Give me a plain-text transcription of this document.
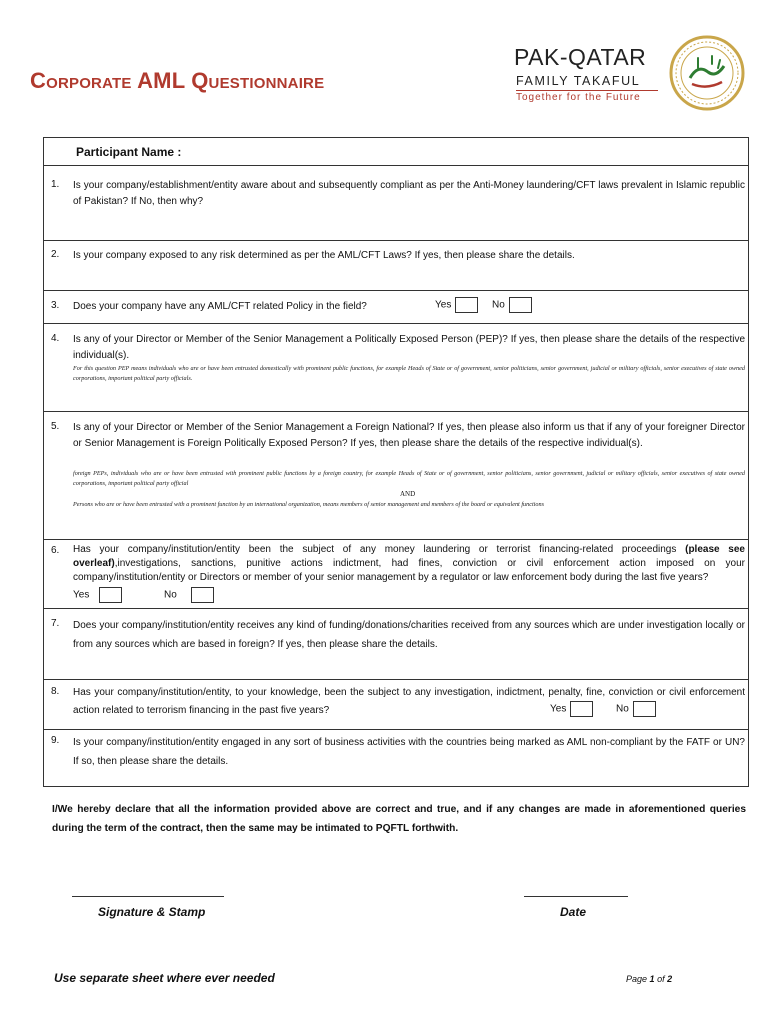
Corporate AML Questionnaire
PAK-QATAR
FAMILY TAKAFUL
Together for the Future
Participant Name :
1. Is your company/establishment/entity aware about and subsequently compliant as per the Anti-Money laundering/CFT laws prevalent in Islamic republic of Pakistan? If No, then why?
2. Is your company exposed to any risk determined as per the AML/CFT Laws? If yes, then please share the details.
3. Does your company have any AML/CFT related Policy in the field?	Yes	No
4. Is any of your Director or Member of the Senior Management a Politically Exposed Person (PEP)? If yes, then please share the details of the respective individual(s).
For this question PEP means individuals who are or have been entrusted domestically with prominent public functions, for example Heads of State or of government, senior politicians, senior government, judicial or military officials, senior executives of state owned corporations, important political party officials.
5. Is any of your Director or Member of the Senior Management a Foreign National? If yes, then please also inform us that if any of your foreigner Director or Senior Management is Foreign Politically Exposed Person? If yes, then please share the details of the respective individual(s).
foreign PEPs, individuals who are or have been entrusted with prominent public functions by a foreign country, for example Heads of State or of government, senior politicians, senior government, judicial or military officials, senior executives of state owned corporations, important political party official
AND
Persons who are or have been entrusted with a prominent function by an international organization, means members of senior management and members of the board or equivalent functions
6. Has your company/institution/entity been the subject of any money laundering or terrorist financing-related proceedings (please see overleaf),investigations, sanctions, punitive actions indictment, had fines, conviction or civil enforcement action imposed on your company/institution/entity or Directors or member of your senior management by a regulator or law enforcement body during the last five years?
Yes	No
7. Does your company/institution/entity receives any kind of funding/donations/charities received from any sources which are under investigation locally or from any sources which are based in foreign? If yes, then please share the details.
8. Has your company/institution/entity, to your knowledge, been the subject to any investigation, indictment, penalty, fine, conviction or civil enforcement action related to terrorism financing in the past five years?	Yes	No
9. Is your company/institution/entity engaged in any sort of business activities with the countries being marked as AML non-compliant by the FATF or UN? If so, then please share the details.
I/We hereby declare that all the information provided above are correct and true, and if any changes are made in aforementioned queries during the term of the contract, then the same may be intimated to PQFTL forthwith.
Signature & Stamp	Date
Use separate sheet where ever needed	Page 1 of 2
